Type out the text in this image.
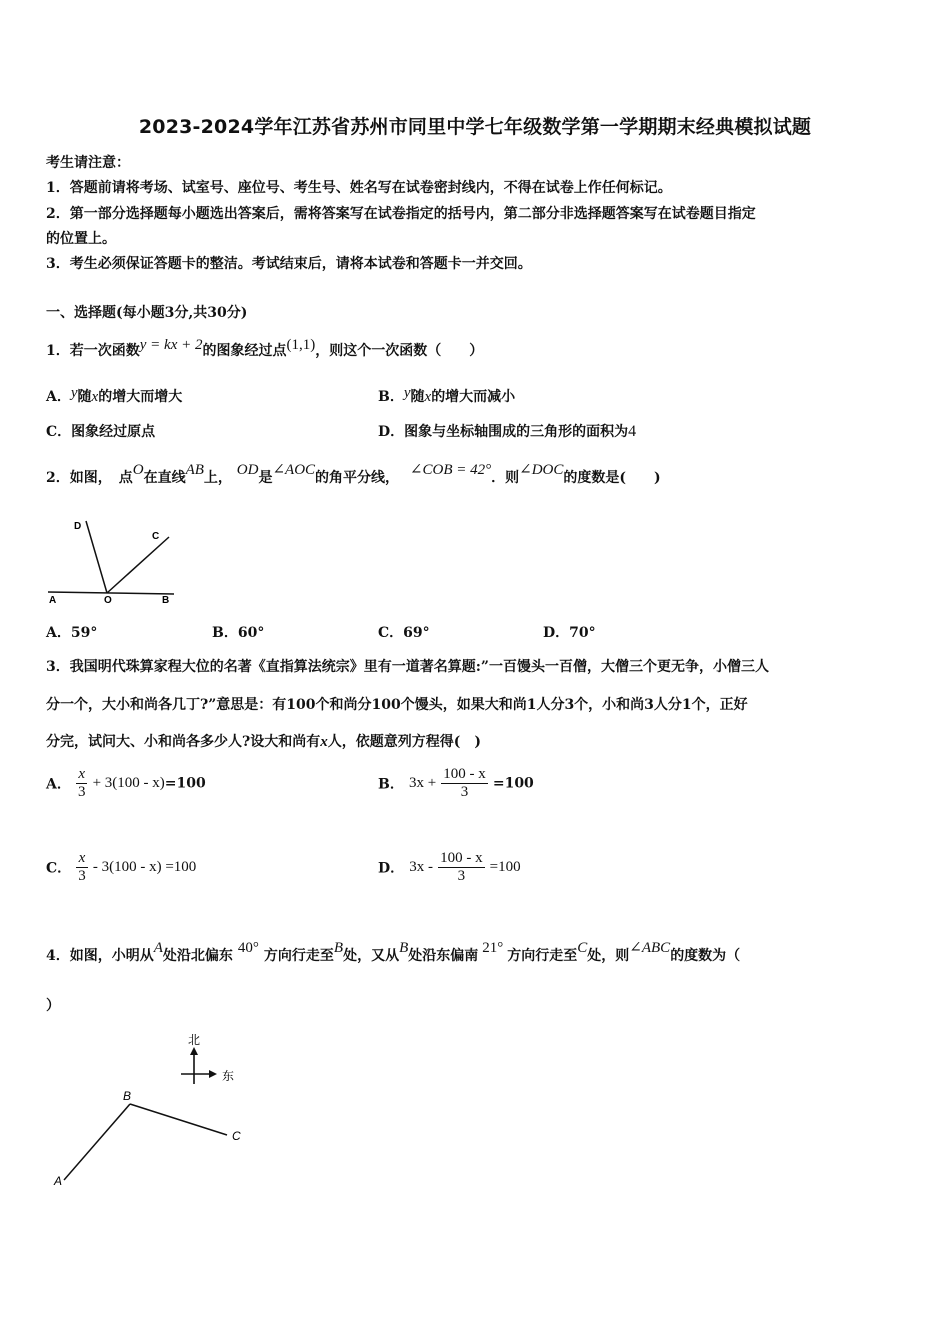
2023-2024学年江苏省苏州市同里中学七年级数学第一学期期末经典模拟试题
考生请注意：
1．答题前请将考场、试室号、座位号、考生号、姓名写在试卷密封线内，不得在试卷上作任何标记。
2．第一部分选择题每小题选出答案后，需将答案写在试卷指定的括号内，第二部分非选择题答案写在试卷题目指定
的位置上。
3．考生必须保证答题卡的整洁。考试结束后，请将本试卷和答题卡一并交回。
一、选择题(每小题3分,共30分)
1．若一次函数y = kx + 2的图象经过点(1,1)，则这个一次函数（　　）
A．y随x的增大而增大	B．y随x的增大而减小
C．图象经过原点	D．图象与坐标轴围成的三角形的面积为4
2．如图，　点O在直线AB上， OD是∠AOC的角平分线， ∠COB = 42°．则∠DOC的度数是(　　)
D
C
A	O	B
A．59°	B．60°	C．69°	D．70°
3．我国明代珠算家程大位的名著《直指算法统宗》里有一道著名算题:”一百馒头一百僧，大僧三个更无争，小僧三人
分一个，大小和尚各几丁?”意思是：有100个和尚分100个馒头，如果大和尚1人分3个，小和尚3人分1个，正好
分完，试问大、小和尚各多少人?设大和尚有x人，依题意列方程得(　)
A． $\frac{x}{3} + 3(100 - x)=100$	B． $3x + \frac{100 - x}{3} =100$
C． $\frac{x}{3} - 3(100 - x) =100$	D． $3x - \frac{100 - x}{3} =100$
4．如图，小明从A处沿北偏东 40° 方向行走至B处，又从B处沿东偏南 21° 方向行走至C处，则∠ABC的度数为（
）
北
东
B
C
A
